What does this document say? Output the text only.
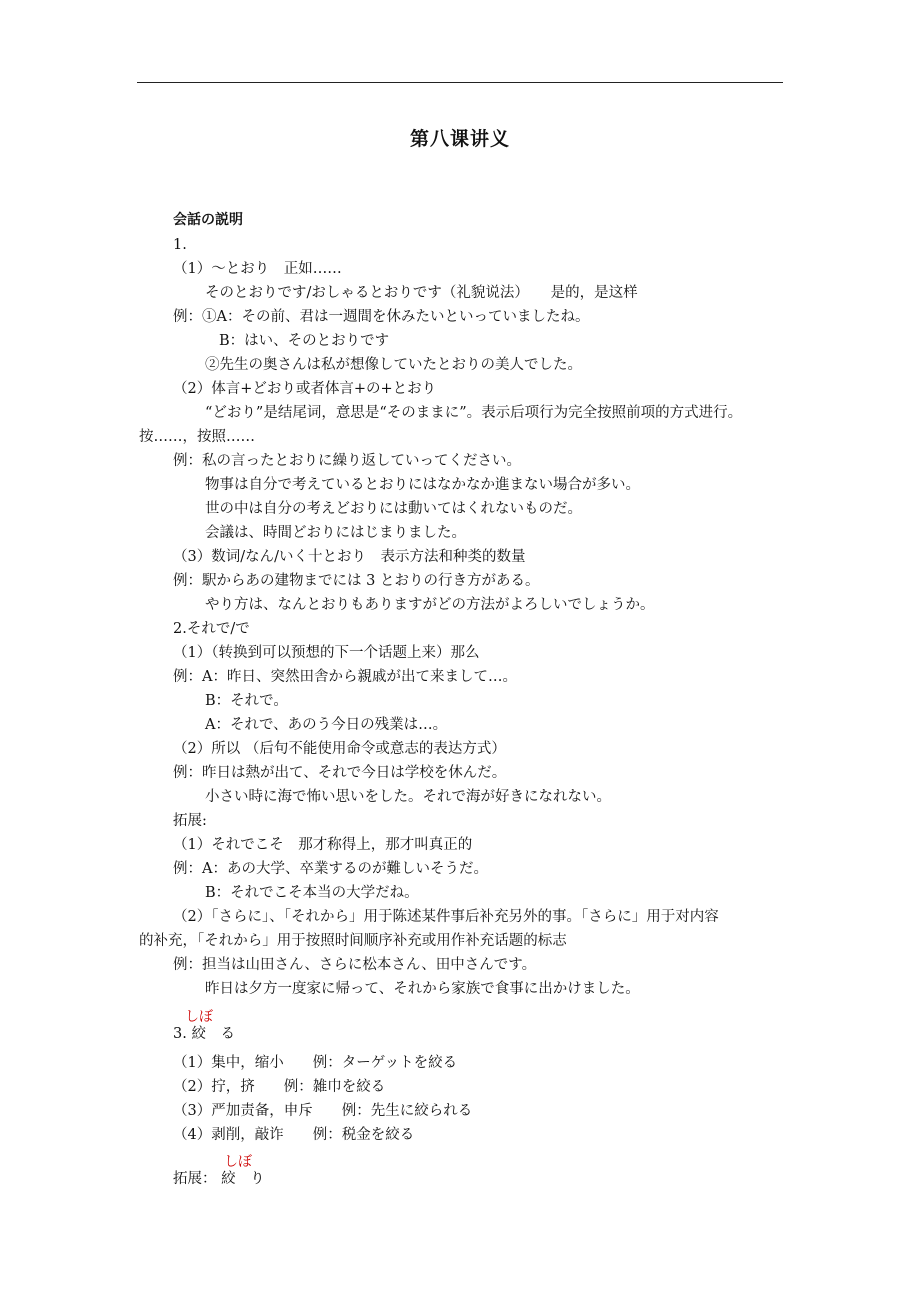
第八课讲义
会話の説明
1.
（1）～とおり　正如……
そのとおりです/おしゃるとおりです（礼貌说法）　　是的，是这样
例：①A：その前、君は一週間を休みたいといっていましたね。
B：はい、そのとおりです
②先生の奥さんは私が想像していたとおりの美人でした。
（2）体言+どおり或者体言+の+とおり
“どおり”是结尾词，意思是“そのままに”。表示后项行为完全按照前项的方式进行。
按……，按照……
例：私の言ったとおりに繰り返していってください。
物事は自分で考えているとおりにはなかなか進まない場合が多い。
世の中は自分の考えどおりには動いてはくれないものだ。
会議は、時間どおりにはじまりました。
（3）数词/なん/いく十とおり　表示方法和种类的数量
例：駅からあの建物までには 3 とおりの行き方がある。
やり方は、なんとおりもありますがどの方法がよろしいでしょうか。
2.それで/で
（1）（转换到可以预想的下一个话题上来）那么
例：A：昨日、突然田舎から親戚が出て来まして…。
B：それで。
A：それで、あのう今日の残業は…。
（2）所以 （后句不能使用命令或意志的表达方式）
例：昨日は熱が出て、それで今日は学校を休んだ。
小さい時に海で怖い思いをした。それで海が好きになれない。
拓展:
（1）それでこそ　那才称得上，那才叫真正的
例：A：あの大学、卒業するのが難しいそうだ。
B：それでこそ本当の大学だね。
（2）「さらに」、「それから」用于陈述某件事后补充另外的事。「さらに」用于对内容
的补充，「それから」用于按照时间顺序补充或用作补充话题的标志
例：担当は山田さん、さらに松本さん、田中さんです。
昨日は夕方一度家に帰って、それから家族で食事に出かけました。
しぼ
3. 絞　る
（1）集中，缩小　　例：ターゲットを絞る
（2）拧，挤　　例：雑巾を絞る
（3）严加责备，申斥　　例：先生に絞られる
（4）剥削，敲诈　　例：税金を絞る
しぼ
拓展： 絞　り
